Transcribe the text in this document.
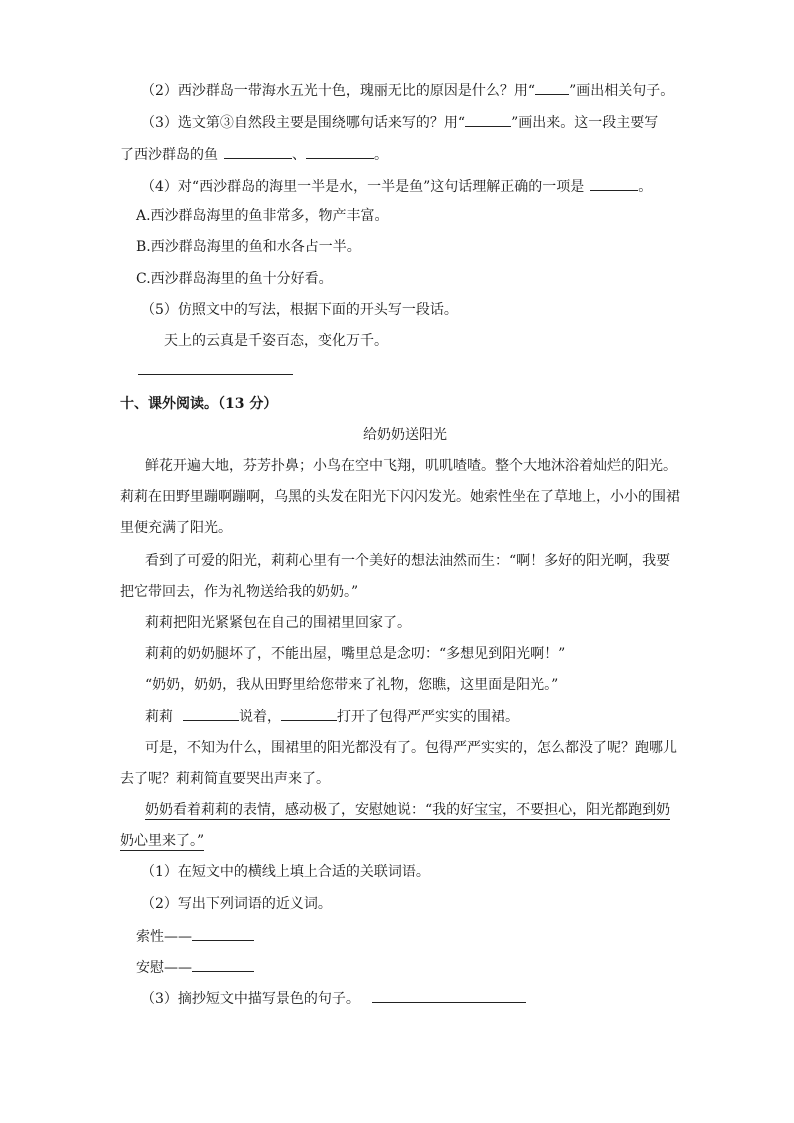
（2）西沙群岛一带海水五光十色，瑰丽无比的原因是什么？用“ ”画出相关句子。
（3）选文第③自然段主要是围绕哪句话来写的？用“	”画出来。这一段主要写
了西沙群岛的鱼	、	。
（4）对“西沙群岛的海里一半是水，一半是鱼”这句话理解正确的一项是	。
A.西沙群岛海里的鱼非常多，物产丰富。
B.西沙群岛海里的鱼和水各占一半。
C.西沙群岛海里的鱼十分好看。
（5）仿照文中的写法，根据下面的开头写一段话。
天上的云真是千姿百态，变化万千。
十、课外阅读。（13 分）
给奶奶送阳光
鲜花开遍大地，芬芳扑鼻；小鸟在空中飞翔，叽叽喳喳。整个大地沐浴着灿烂的阳光。
莉莉在田野里蹦啊蹦啊，乌黑的头发在阳光下闪闪发光。她索性坐在了草地上，小小的围裙
里便充满了阳光。
看到了可爱的阳光，莉莉心里有一个美好的想法油然而生：“啊！多好的阳光啊，我要
把它带回去，作为礼物送给我的奶奶。”
莉莉把阳光紧紧包在自己的围裙里回家了。
莉莉的奶奶腿坏了，不能出屋，嘴里总是念叨：“多想见到阳光啊！”
“奶奶，奶奶，我从田野里给您带来了礼物，您瞧，这里面是阳光。”
莉莉	说着，	打开了包得严严实实的围裙。
可是，不知为什么，围裙里的阳光都没有了。包得严严实实的，怎么都没了呢？跑哪儿
去了呢？莉莉简直要哭出声来了。
奶奶看着莉莉的表情，感动极了，安慰她说：“我的好宝宝，不要担心，阳光都跑到奶
奶心里来了。”
（1）在短文中的横线上填上合适的关联词语。
（2）写出下列词语的近义词。
索性——
安慰——
（3）摘抄短文中描写景色的句子。
